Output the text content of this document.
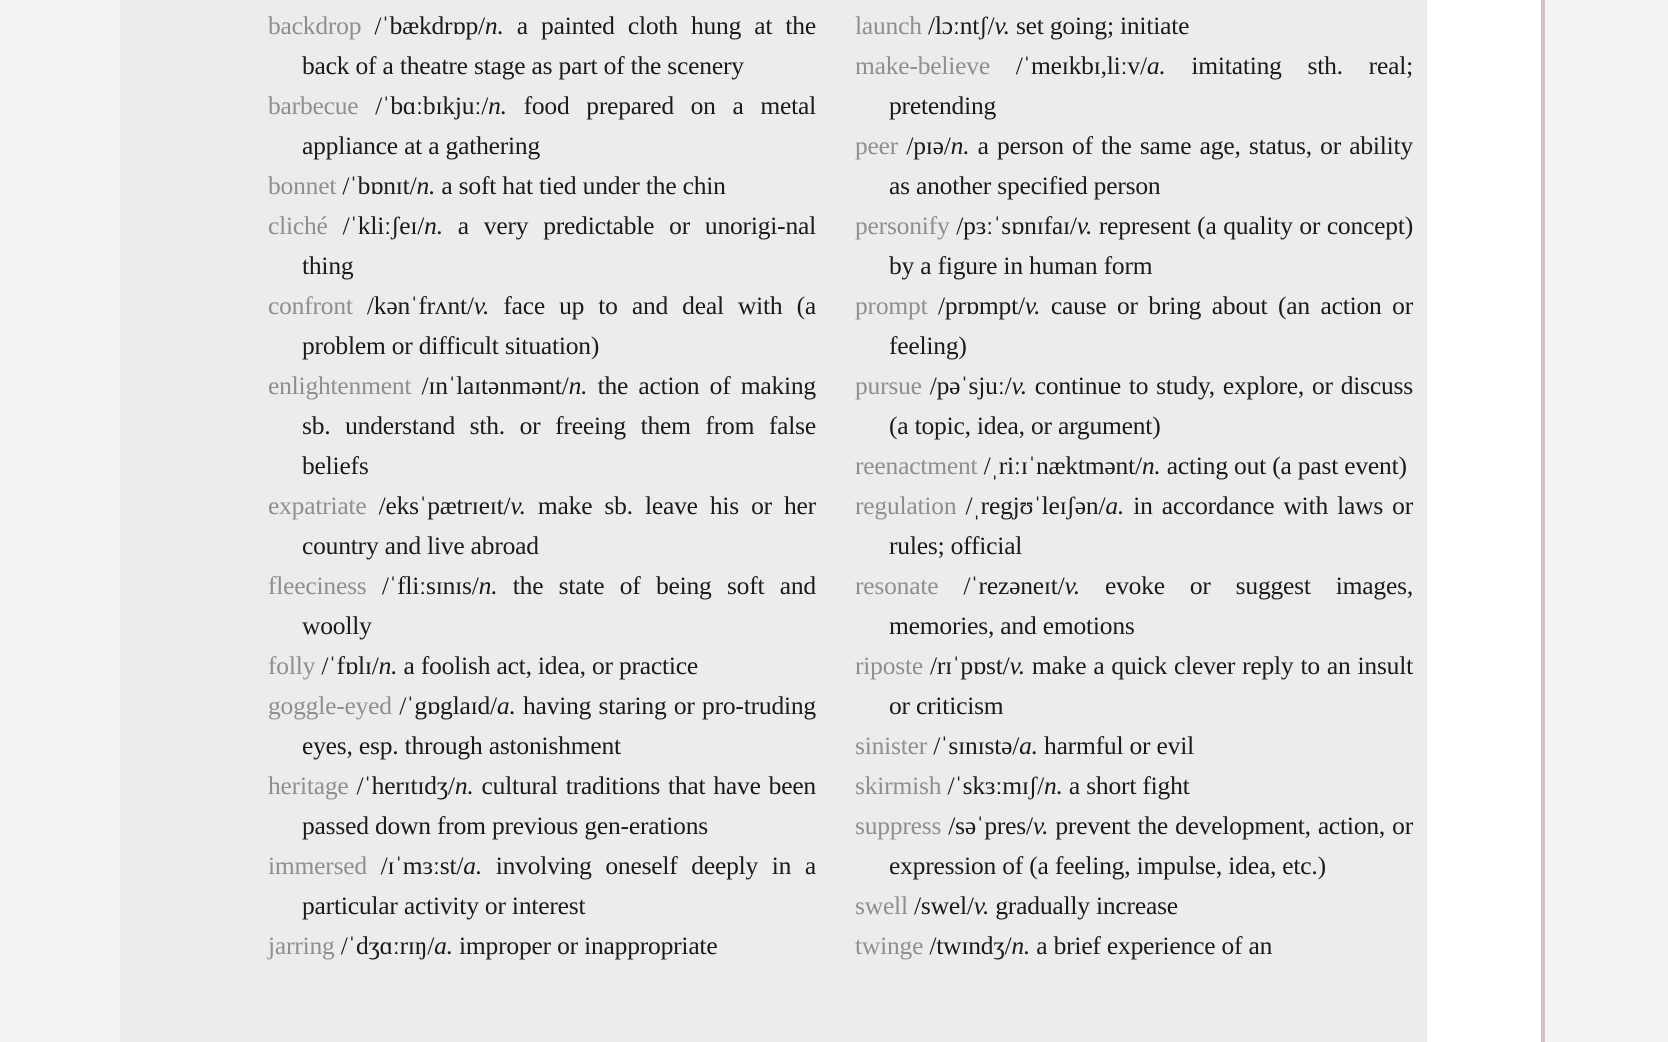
backdrop /ˈbækdrɒp/n. a painted cloth hung at the back of a theatre stage as part of the scenery
barbecue /ˈbɑːbɪkjuː/n. food prepared on a metal appliance at a gathering
bonnet /ˈbɒnɪt/n. a soft hat tied under the chin
cliché /ˈkliːʃeɪ/n. a very predictable or unorigi-nal thing
confront /kənˈfrʌnt/v. face up to and deal with (a problem or difficult situation)
enlightenment /ɪnˈlaɪtənmənt/n. the action of making sb. understand sth. or freeing them from false beliefs
expatriate /eksˈpætrɪeɪt/v. make sb. leave his or her country and live abroad
fleeciness /ˈfliːsɪnɪs/n. the state of being soft and woolly
folly /ˈfɒlɪ/n. a foolish act, idea, or practice
goggle-eyed /ˈgɒglaɪd/a. having staring or pro-truding eyes, esp. through astonishment
heritage /ˈherɪtɪdʒ/n. cultural traditions that have been passed down from previous gen-erations
immersed /ɪˈmɜːst/a. involving oneself deeply in a particular activity or interest
jarring /ˈdʒɑːrɪŋ/a. improper or inappropriate
launch /lɔːntʃ/v. set going; initiate
make-believe /ˈmeɪkbɪ,liːv/a. imitating sth. real; pretending
peer /pɪə/n. a person of the same age, status, or ability as another specified person
personify /pɜːˈsɒnɪfaɪ/v. represent (a quality or concept) by a figure in human form
prompt /prɒmpt/v. cause or bring about (an action or feeling)
pursue /pəˈsjuː/v. continue to study, explore, or discuss (a topic, idea, or argument)
reenactment /ˌriːɪˈnæktmənt/n. acting out (a past event)
regulation /ˌregjʊˈleɪʃən/a. in accordance with laws or rules; official
resonate /ˈrezəneɪt/v. evoke or suggest images, memories, and emotions
riposte /rɪˈpɒst/v. make a quick clever reply to an insult or criticism
sinister /ˈsɪnɪstə/a. harmful or evil
skirmish /ˈskɜːmɪʃ/n. a short fight
suppress /səˈpres/v. prevent the development, action, or expression of (a feeling, impulse, idea, etc.)
swell /swel/v. gradually increase
twinge /twɪndʒ/n. a brief experience of an
